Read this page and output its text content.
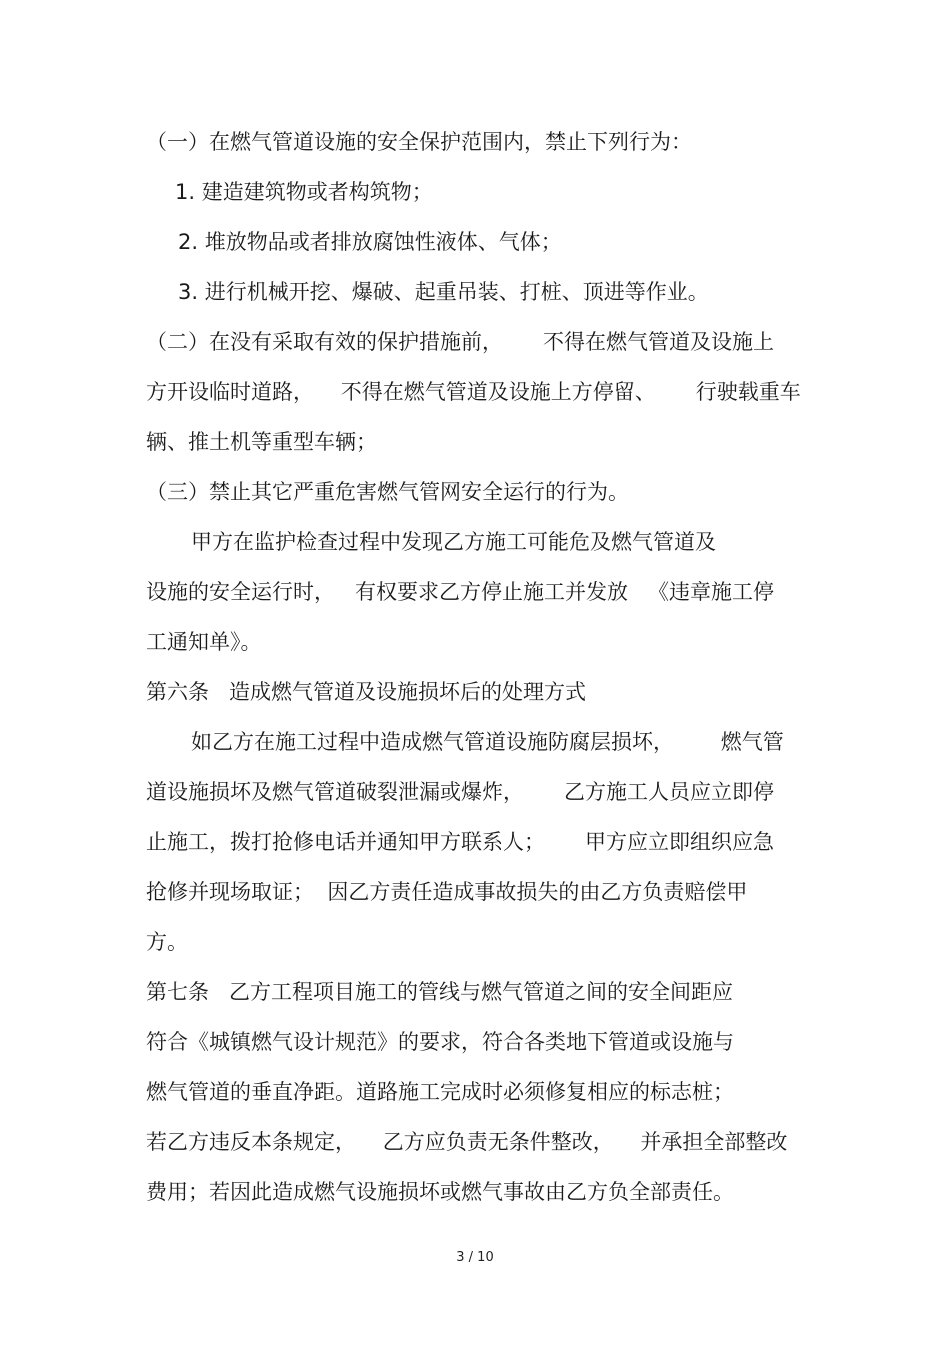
（一）在燃气管道设施的安全保护范围内，禁止下列行为：
1. 建造建筑物或者构筑物；
2. 堆放物品或者排放腐蚀性液体、气体；
3. 进行机械开挖、爆破、起重吊装、打桩、顶进等作业。
（二）在没有采取有效的保护措施前，      不得在燃气管道及设施上
方开设临时道路，    不得在燃气管道及设施上方停留、      行驶载重车
辆、推土机等重型车辆；
（三）禁止其它严重危害燃气管网安全运行的行为。
甲方在监护检查过程中发现乙方施工可能危及燃气管道及
设施的安全运行时，   有权要求乙方停止施工并发放   《违章施工停
工通知单》。
第六条   造成燃气管道及设施损坏后的处理方式
如乙方在施工过程中造成燃气管道设施防腐层损坏，       燃气管
道设施损坏及燃气管道破裂泄漏或爆炸，      乙方施工人员应立即停
止施工，拨打抢修电话并通知甲方联系人；      甲方应立即组织应急
抢修并现场取证；  因乙方责任造成事故损失的由乙方负责赔偿甲
方。
第七条   乙方工程项目施工的管线与燃气管道之间的安全间距应
符合《城镇燃气设计规范》的要求，符合各类地下管道或设施与
燃气管道的垂直净距。道路施工完成时必须修复相应的标志桩；
若乙方违反本条规定，    乙方应负责无条件整改，    并承担全部整改
费用；若因此造成燃气设施损坏或燃气事故由乙方负全部责任。
3 / 10
